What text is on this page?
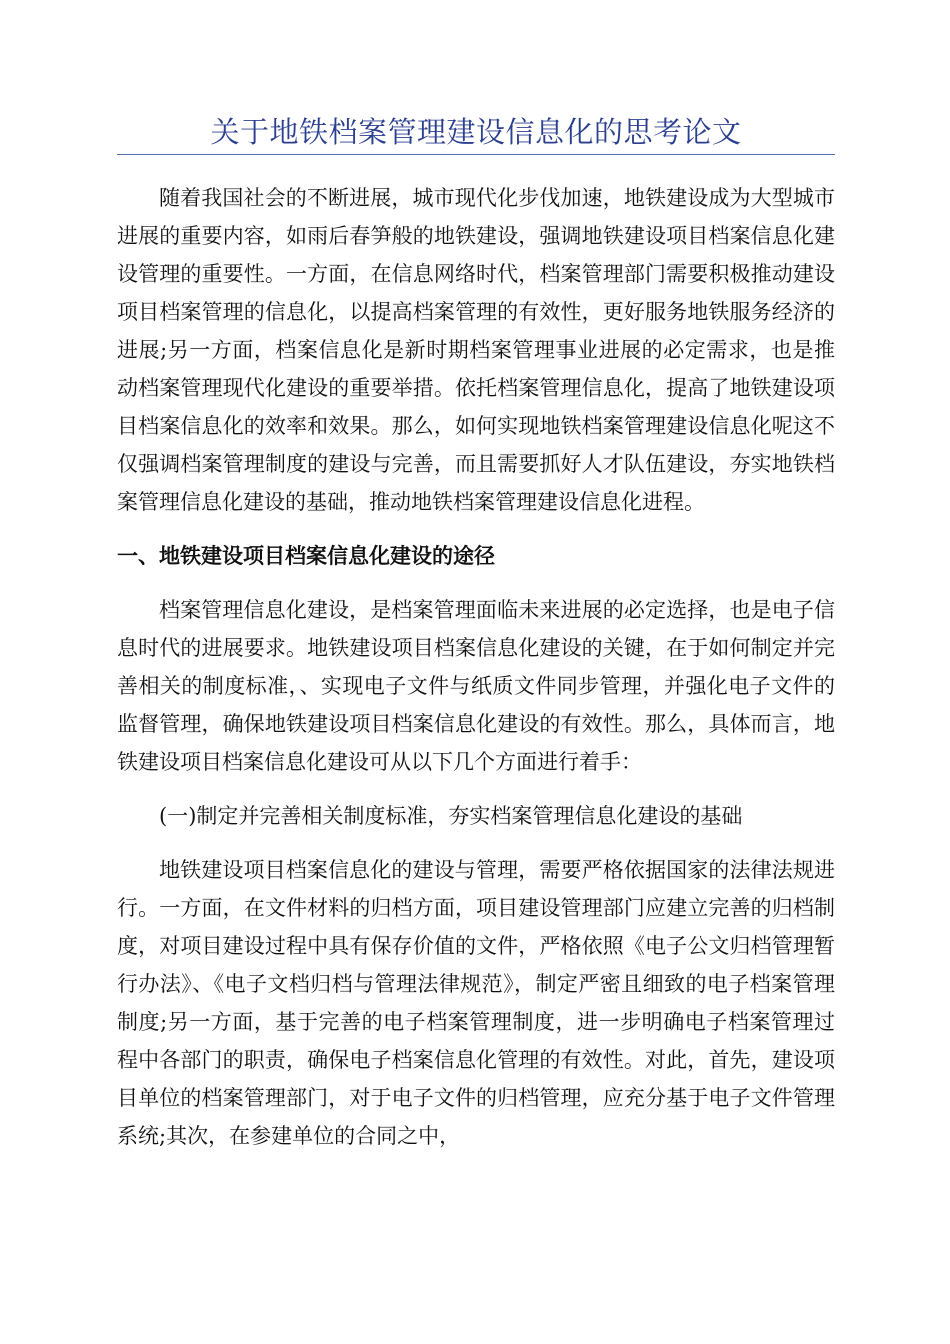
关于地铁档案管理建设信息化的思考论文

随着我国社会的不断进展，城市现代化步伐加速，地铁建设成为大型城市进展的重要内容，如雨后春笋般的地铁建设，强调地铁建设项目档案信息化建设管理的重要性。一方面，在信息网络时代，档案管理部门需要积极推动建设项目档案管理的信息化，以提高档案管理的有效性，更好服务地铁服务经济的进展;另一方面，档案信息化是新时期档案管理事业进展的必定需求，也是推动档案管理现代化建设的重要举措。依托档案管理信息化，提高了地铁建设项目档案信息化的效率和效果。那么，如何实现地铁档案管理建设信息化呢这不仅强调档案管理制度的建设与完善，而且需要抓好人才队伍建设，夯实地铁档案管理信息化建设的基础，推动地铁档案管理建设信息化进程。

一、地铁建设项目档案信息化建设的途径

档案管理信息化建设，是档案管理面临未来进展的必定选择，也是电子信息时代的进展要求。地铁建设项目档案信息化建设的关键，在于如何制定并完善相关的制度标准，、实现电子文件与纸质文件同步管理，并强化电子文件的监督管理，确保地铁建设项目档案信息化建设的有效性。那么，具体而言，地铁建设项目档案信息化建设可从以下几个方面进行着手：

(一)制定并完善相关制度标准，夯实档案管理信息化建设的基础

地铁建设项目档案信息化的建设与管理，需要严格依据国家的法律法规进行。一方面，在文件材料的归档方面，项目建设管理部门应建立完善的归档制度，对项目建设过程中具有保存价值的文件，严格依照《电子公文归档管理暂行办法》、《电子文档归档与管理法律规范》，制定严密且细致的电子档案管理制度;另一方面，基于完善的电子档案管理制度，进一步明确电子档案管理过程中各部门的职责，确保电子档案信息化管理的有效性。对此，首先，建设项目单位的档案管理部门，对于电子文件的归档管理，应充分基于电子文件管理系统;其次，在参建单位的合同之中，
